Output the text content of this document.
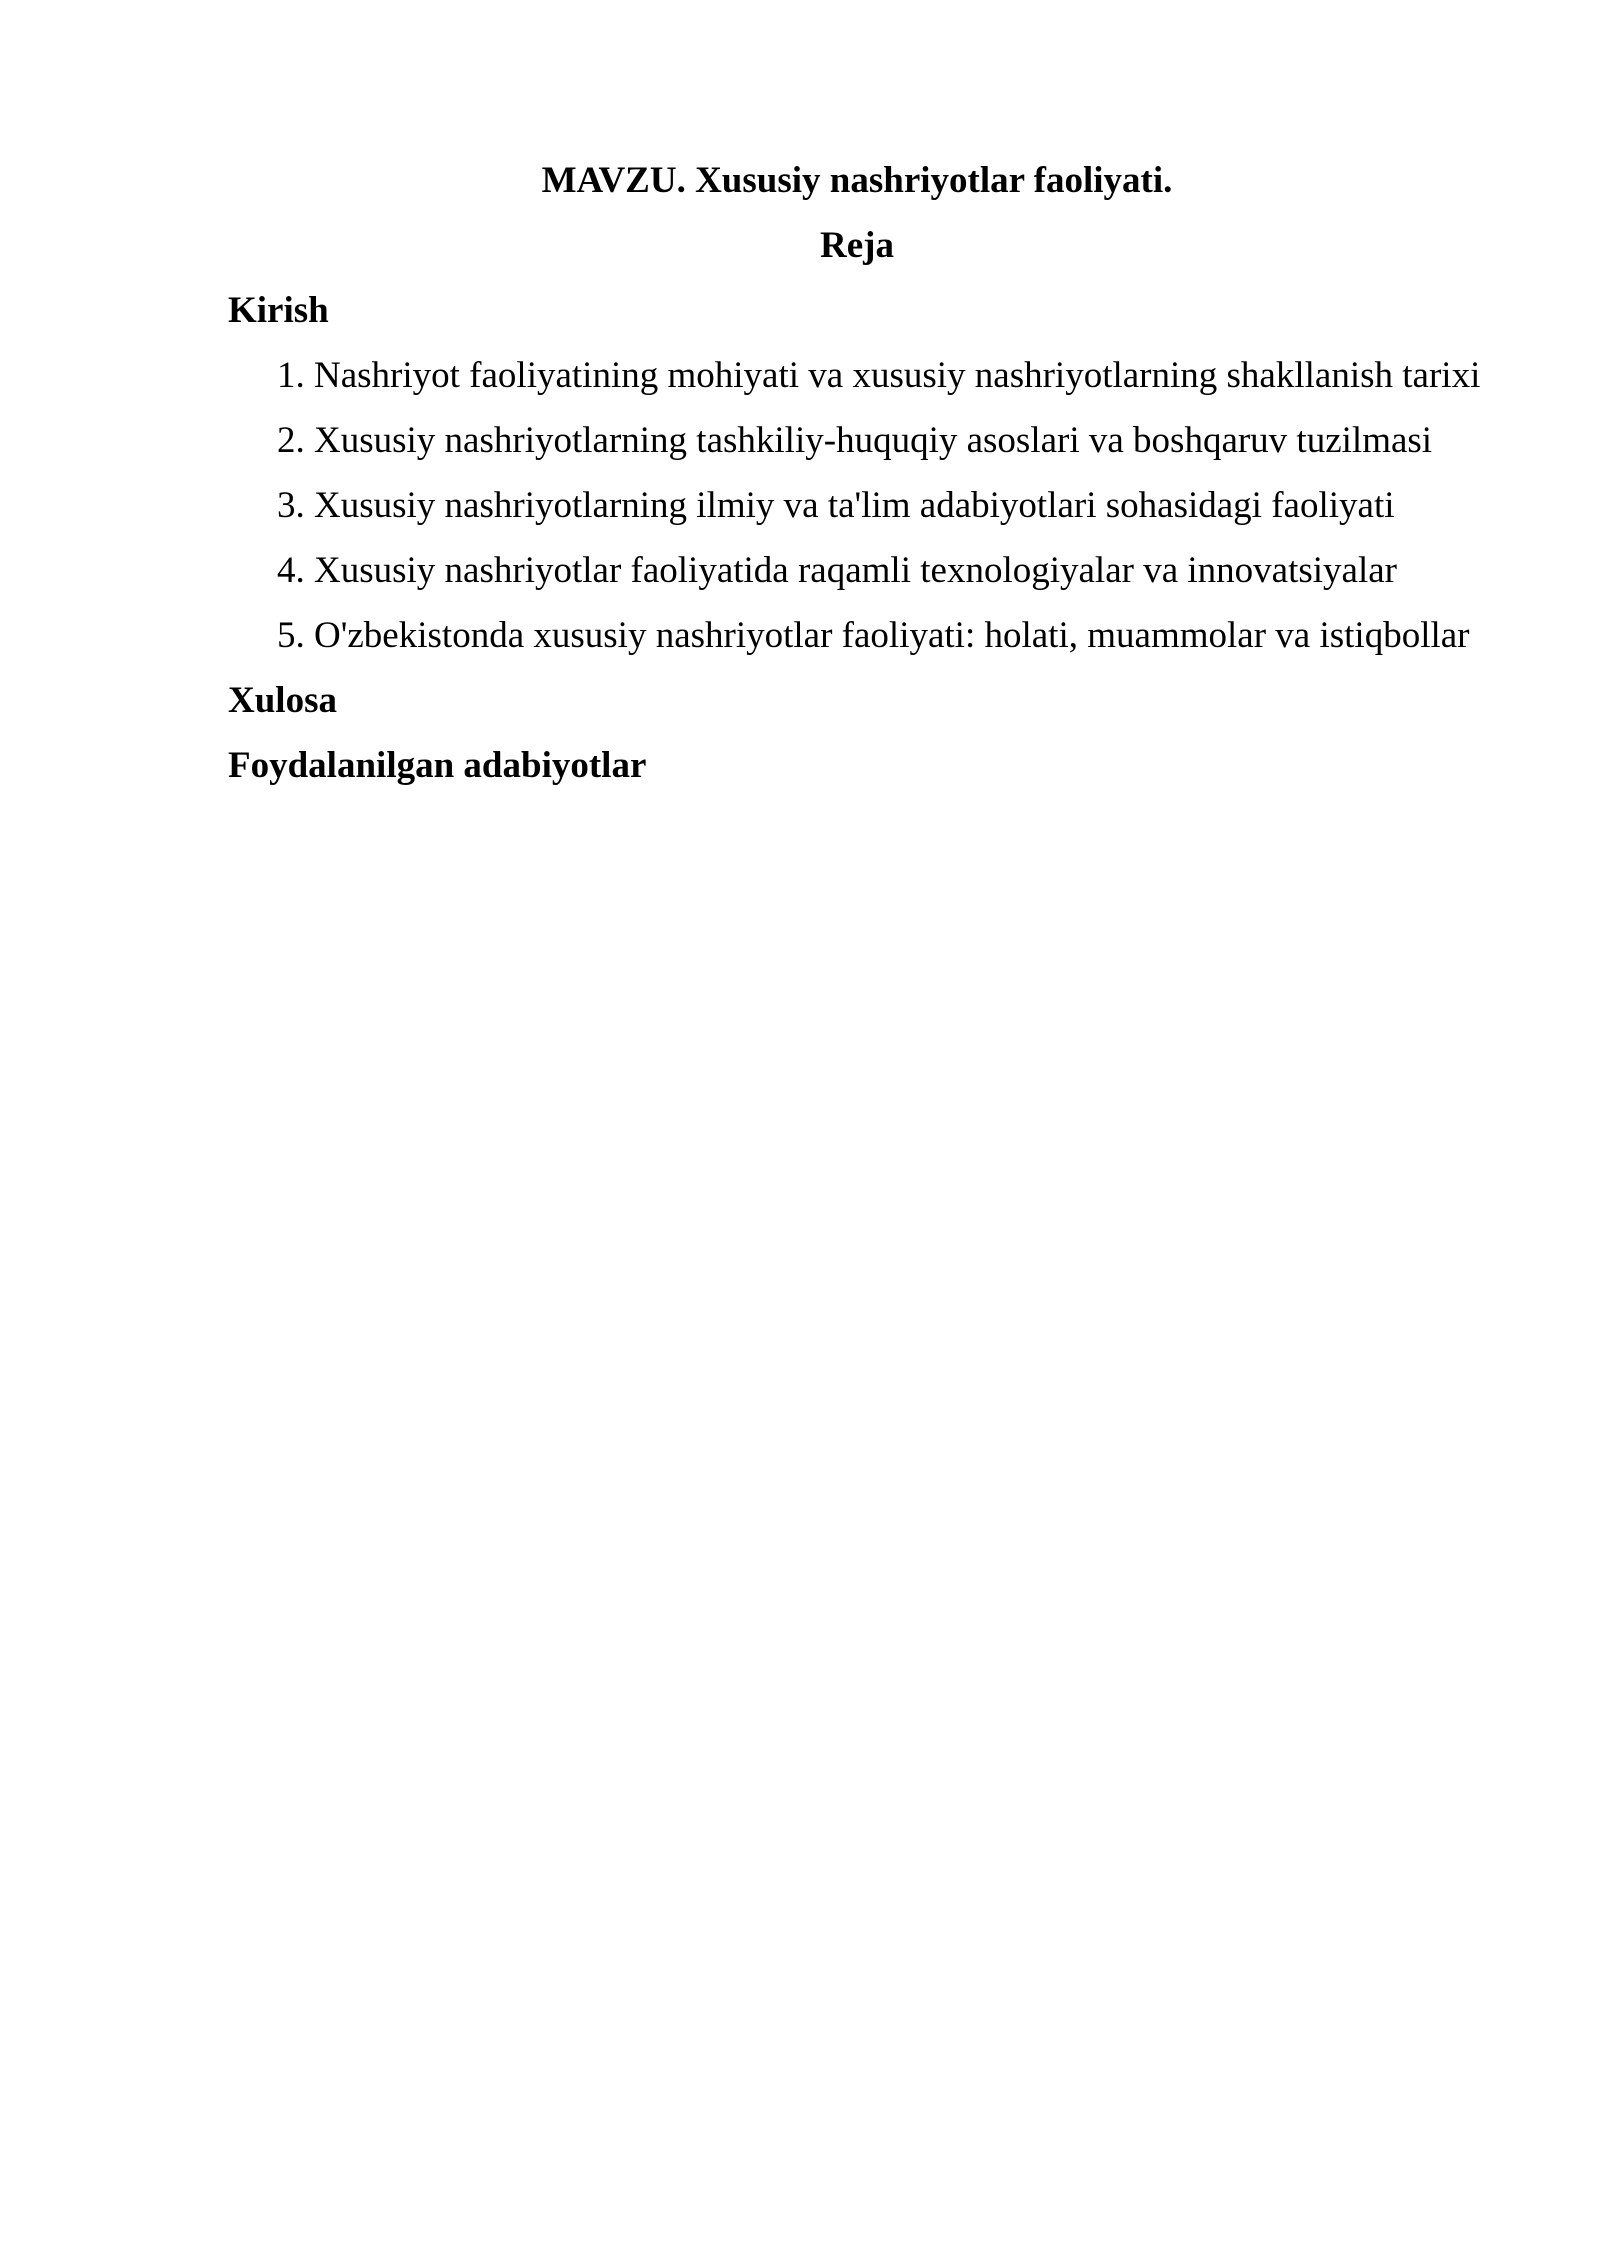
MAVZU. Xususiy nashriyotlar faoliyati.

Reja

Kirish

1. Nashriyot faoliyatining mohiyati va xususiy nashriyotlarning shakllanish tarixi
2. Xususiy nashriyotlarning tashkiliy-huquqiy asoslari va boshqaruv tuzilmasi
3. Xususiy nashriyotlarning ilmiy va ta'lim adabiyotlari sohasidagi faoliyati
4. Xususiy nashriyotlar faoliyatida raqamli texnologiyalar va innovatsiyalar
5. O'zbekistonda xususiy nashriyotlar faoliyati: holati, muammolar va istiqbollar

Xulosa

Foydalanilgan adabiyotlar
